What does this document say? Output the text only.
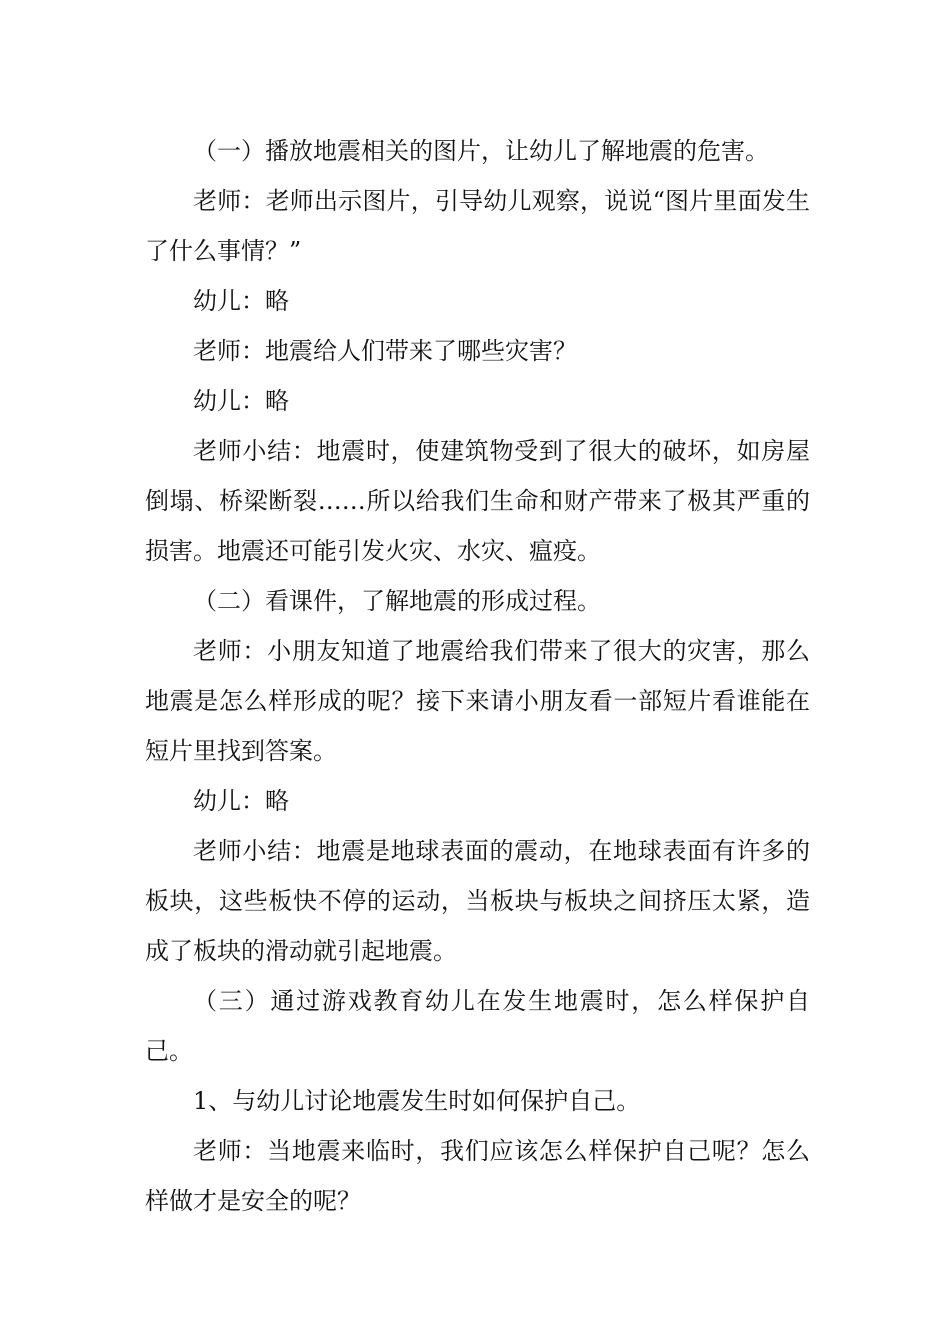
（一）播放地震相关的图片，让幼儿了解地震的危害。

老师：老师出示图片，引导幼儿观察，说说“图片里面发生了什么事情？”

幼儿：略

老师：地震给人们带来了哪些灾害？

幼儿：略

老师小结：地震时，使建筑物受到了很大的破坏，如房屋倒塌、桥梁断裂……所以给我们生命和财产带来了极其严重的损害。地震还可能引发火灾、水灾、瘟疫。

（二）看课件，了解地震的形成过程。

老师：小朋友知道了地震给我们带来了很大的灾害，那么地震是怎么样形成的呢？接下来请小朋友看一部短片看谁能在短片里找到答案。

幼儿：略

老师小结：地震是地球表面的震动，在地球表面有许多的板块，这些板快不停的运动，当板块与板块之间挤压太紧，造成了板块的滑动就引起地震。

（三）通过游戏教育幼儿在发生地震时，怎么样保护自己。

1、与幼儿讨论地震发生时如何保护自己。

老师：当地震来临时，我们应该怎么样保护自己呢？怎么样做才是安全的呢？
